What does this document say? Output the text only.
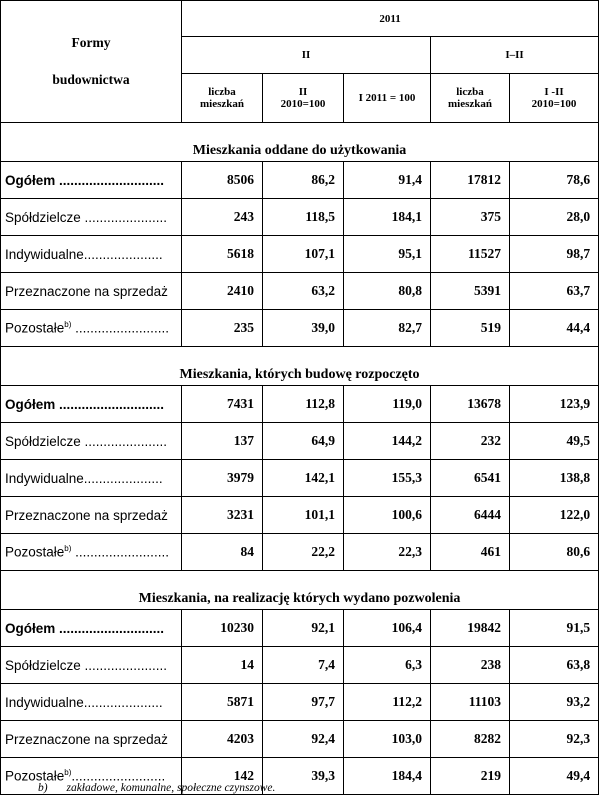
Formy
budownictwa	2011				
	II			I–II	
	liczba mieszkań	II 2010=100	I 2011 = 100	liczba mieszkań	I -II 2010=100
Mieszkania oddane do użytkowania					
Ogółem ............................	8506	86,2	91,4	17812	78,6
Spółdzielcze ......................	243	118,5	184,1	375	28,0
Indywidualne.....................	5618	107,1	95,1	11527	98,7
Przeznaczone na sprzedaż	2410	63,2	80,8	5391	63,7
Pozostałe$^{b)}$ .........................	235	39,0	82,7	519	44,4
Mieszkania, których budowę rozpoczęto					
Ogółem ............................	7431	112,8	119,0	13678	123,9
Spółdzielcze ......................	137	64,9	144,2	232	49,5
Indywidualne.....................	3979	142,1	155,3	6541	138,8
Przeznaczone na sprzedaż	3231	101,1	100,6	6444	122,0
Pozostałe$^{b)}$ .........................	84	22,2	22,3	461	80,6
Mieszkania, na realizację których wydano pozwolenia					
Ogółem ............................	10230	92,1	106,4	19842	91,5
Spółdzielcze ......................	14	7,4	6,3	238	63,8
Indywidualne.....................	5871	97,7	112,2	11103	93,2
Przeznaczone na sprzedaż	4203	92,4	103,0	8282	92,3
Pozostałe$^{b)}$.........................	142	39,3	184,4	219	49,4
b) zakładowe, komunalne, społeczne czynszowe.
